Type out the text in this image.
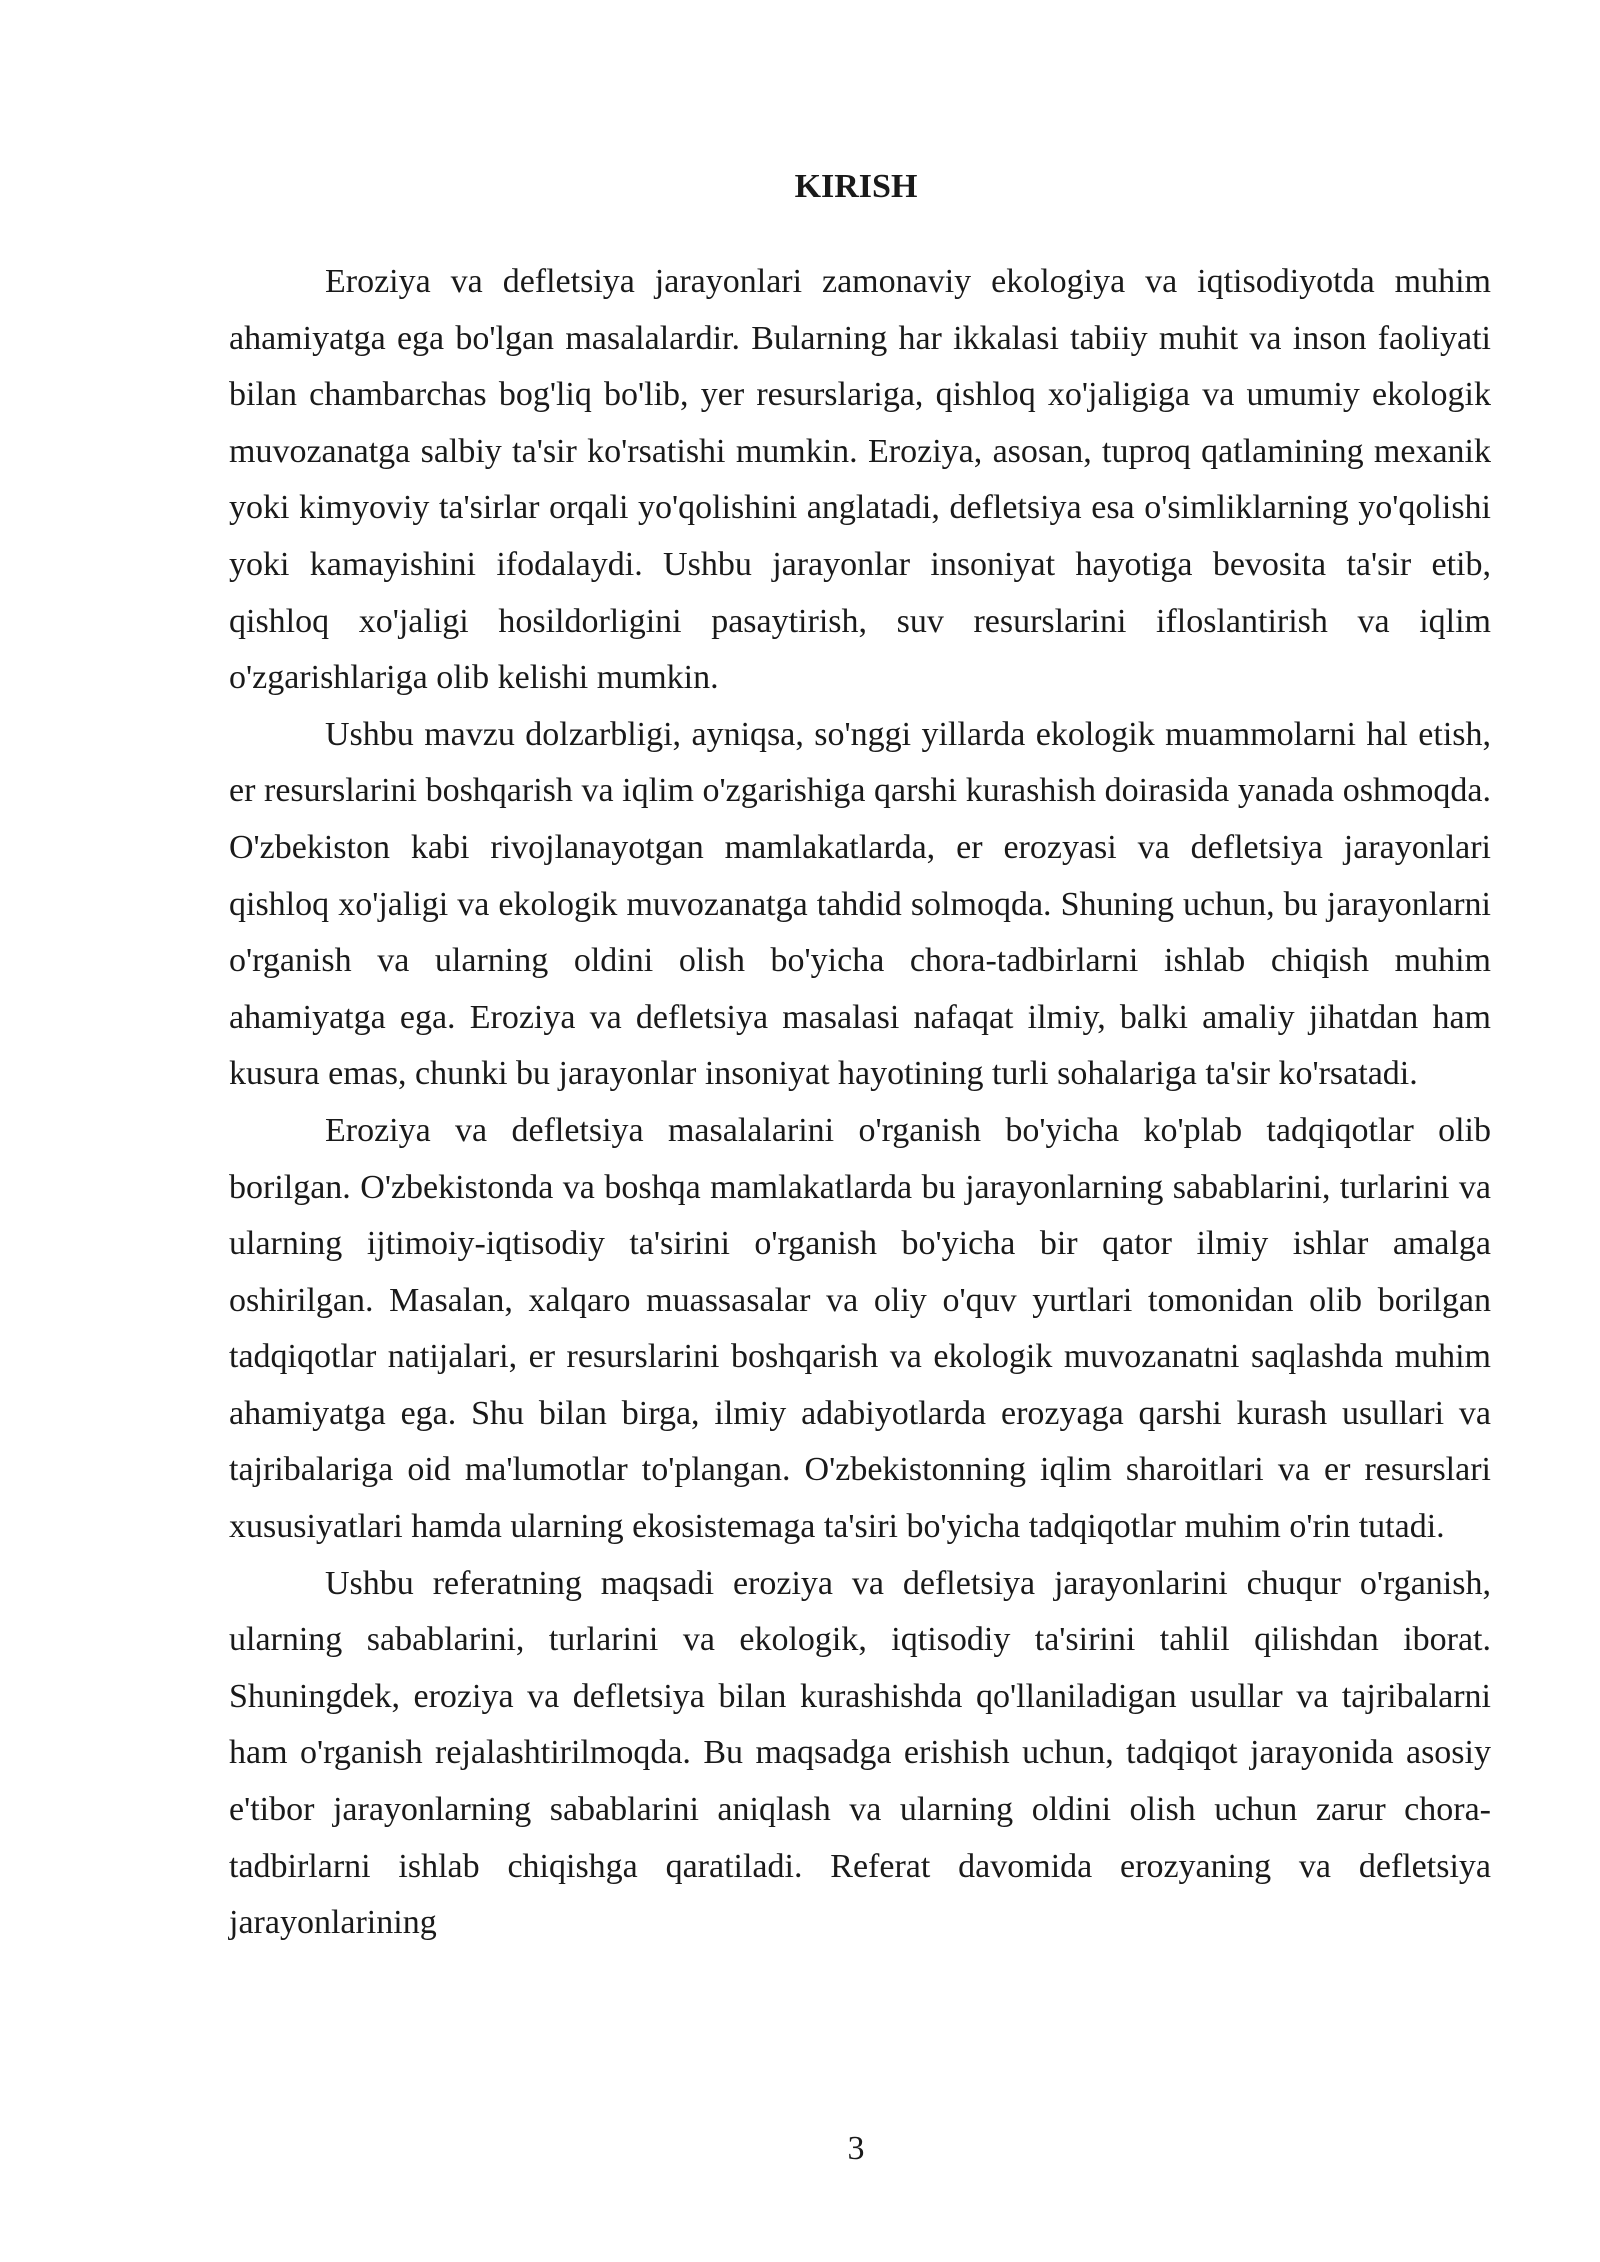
KIRISH

Eroziya va defletsiya jarayonlari zamonaviy ekologiya va iqtisodiyotda muhim ahamiyatga ega bo'lgan masalalardir. Bularning har ikkalasi tabiiy muhit va inson faoliyati bilan chambarchas bog'liq bo'lib, yer resurslariga, qishloq xo'jaligiga va umumiy ekologik muvozanatga salbiy ta'sir ko'rsatishi mumkin. Eroziya, asosan, tuproq qatlamining mexanik yoki kimyoviy ta'sirlar orqali yo'qolishini anglatadi, defletsiya esa o'simliklarning yo'qolishi yoki kamayishini ifodalaydi. Ushbu jarayonlar insoniyat hayotiga bevosita ta'sir etib, qishloq xo'jaligi hosildorligini pasaytirish, suv resurslarini ifloslantirish va iqlim o'zgarishlariga olib kelishi mumkin.

Ushbu mavzu dolzarbligi, ayniqsa, so'nggi yillarda ekologik muammolarni hal etish, er resurslarini boshqarish va iqlim o'zgarishiga qarshi kurashish doirasida yanada oshmoqda. O'zbekiston kabi rivojlanayotgan mamlakatlarda, er erozyasi va defletsiya jarayonlari qishloq xo'jaligi va ekologik muvozanatga tahdid solmoqda. Shuning uchun, bu jarayonlarni o'rganish va ularning oldini olish bo'yicha chora-tadbirlarni ishlab chiqish muhim ahamiyatga ega. Eroziya va defletsiya masalasi nafaqat ilmiy, balki amaliy jihatdan ham kusura emas, chunki bu jarayonlar insoniyat hayotining turli sohalariga ta'sir ko'rsatadi.

Eroziya va defletsiya masalalarini o'rganish bo'yicha ko'plab tadqiqotlar olib borilgan. O'zbekistonda va boshqa mamlakatlarda bu jarayonlarning sabablarini, turlarini va ularning ijtimoiy-iqtisodiy ta'sirini o'rganish bo'yicha bir qator ilmiy ishlar amalga oshirilgan. Masalan, xalqaro muassasalar va oliy o'quv yurtlari tomonidan olib borilgan tadqiqotlar natijalari, er resurslarini boshqarish va ekologik muvozanatni saqlashda muhim ahamiyatga ega. Shu bilan birga, ilmiy adabiyotlarda erozyaga qarshi kurash usullari va tajribalariga oid ma'lumotlar to'plangan. O'zbekistonning iqlim sharoitlari va er resurslari xususiyatlari hamda ularning ekosistemaga ta'siri bo'yicha tadqiqotlar muhim o'rin tutadi.

Ushbu referatning maqsadi eroziya va defletsiya jarayonlarini chuqur o'rganish, ularning sabablarini, turlarini va ekologik, iqtisodiy ta'sirini tahlil qilishdan iborat. Shuningdek, eroziya va defletsiya bilan kurashishda qo'llaniladigan usullar va tajribalarni ham o'rganish rejalashtirilmoqda. Bu maqsadga erishish uchun, tadqiqot jarayonida asosiy e'tibor jarayonlarning sabablarini aniqlash va ularning oldini olish uchun zarur chora-tadbirlarni ishlab chiqishga qaratiladi. Referat davomida erozyaning va defletsiya jarayonlarining

3
